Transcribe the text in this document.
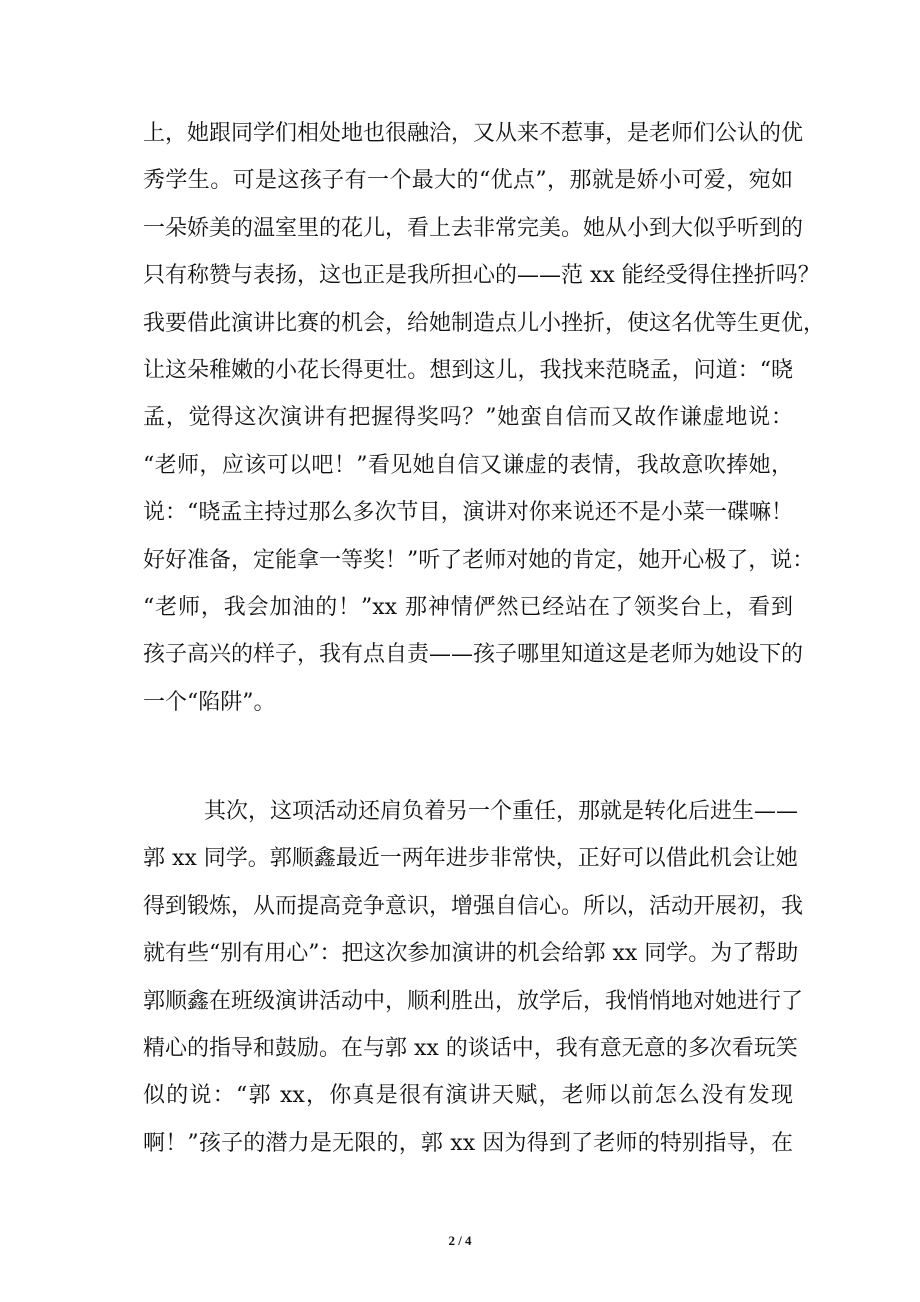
上，她跟同学们相处地也很融洽，又从来不惹事，是老师们公认的优
秀学生。可是这孩子有一个最大的“优点”，那就是娇小可爱，宛如
一朵娇美的温室里的花儿，看上去非常完美。她从小到大似乎听到的
只有称赞与表扬，这也正是我所担心的——范 xx 能经受得住挫折吗？
我要借此演讲比赛的机会，给她制造点儿小挫折，使这名优等生更优，
让这朵稚嫩的小花长得更壮。想到这儿，我找来范晓孟，问道：“晓
孟，觉得这次演讲有把握得奖吗？”她蛮自信而又故作谦虚地说：
“老师，应该可以吧！”看见她自信又谦虚的表情，我故意吹捧她，
说：“晓孟主持过那么多次节目，演讲对你来说还不是小菜一碟嘛！
好好准备，定能拿一等奖！”听了老师对她的肯定，她开心极了，说：
“老师，我会加油的！”xx 那神情俨然已经站在了领奖台上，看到
孩子高兴的样子，我有点自责——孩子哪里知道这是老师为她设下的
一个“陷阱”。
其次，这项活动还肩负着另一个重任，那就是转化后进生——
郭 xx 同学。郭顺鑫最近一两年进步非常快，正好可以借此机会让她
得到锻炼，从而提高竞争意识，增强自信心。所以，活动开展初，我
就有些“别有用心”：把这次参加演讲的机会给郭 xx 同学。为了帮助
郭顺鑫在班级演讲活动中，顺利胜出，放学后，我悄悄地对她进行了
精心的指导和鼓励。在与郭 xx 的谈话中，我有意无意的多次看玩笑
似的说：“郭 xx，你真是很有演讲天赋，老师以前怎么没有发现
啊！”孩子的潜力是无限的，郭 xx 因为得到了老师的特别指导，在
2 / 4
